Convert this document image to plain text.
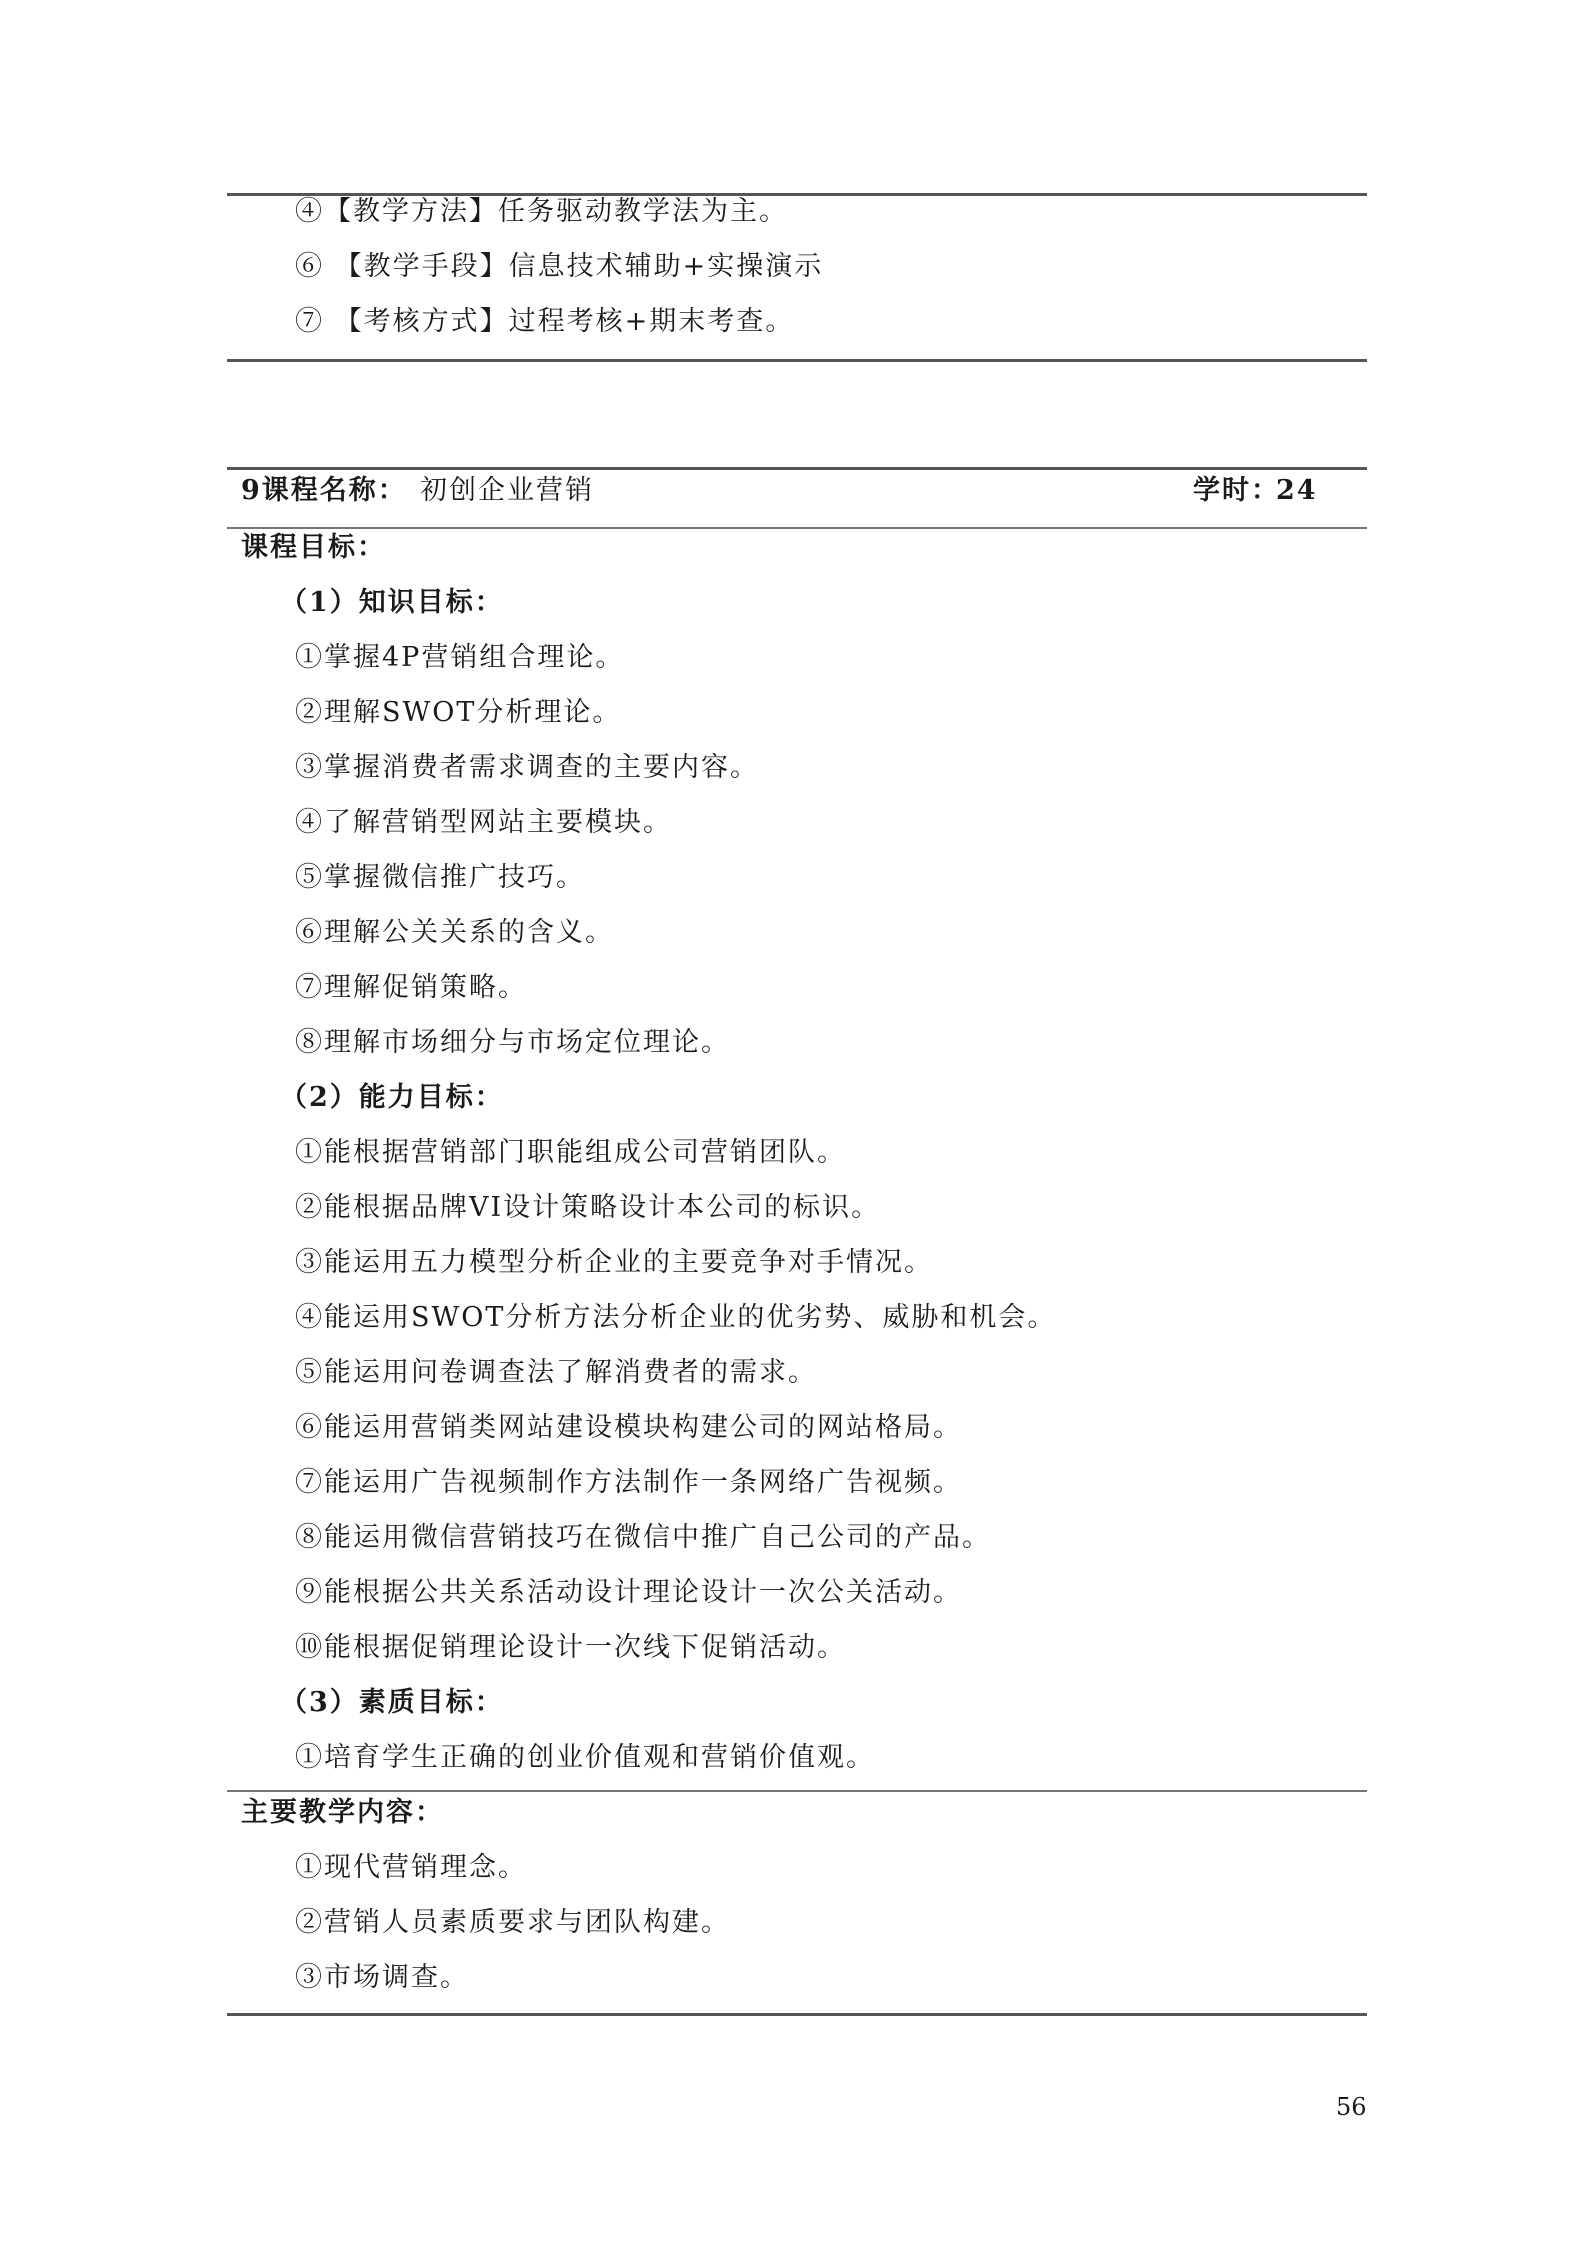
④【教学方法】任务驱动教学法为主。
⑥ 【教学手段】信息技术辅助+实操演示
⑦ 【考核方式】过程考核+期末考查。
9课程名称： 初创企业营销	学时：
24
课程目标：
（1）知识目标：
①掌握4P营销组合理论。
②理解SWOT分析理论。
③掌握消费者需求调查的主要内容。
④了解营销型网站主要模块。
⑤掌握微信推广技巧。
⑥理解公关关系的含义。
⑦理解促销策略。
⑧理解市场细分与市场定位理论。
（2）能力目标：
①能根据营销部门职能组成公司营销团队。
②能根据品牌VI设计策略设计本公司的标识。
③能运用五力模型分析企业的主要竞争对手情况。
④能运用SWOT分析方法分析企业的优劣势、威胁和机会。
⑤能运用问卷调查法了解消费者的需求。
⑥能运用营销类网站建设模块构建公司的网站格局。
⑦能运用广告视频制作方法制作一条网络广告视频。
⑧能运用微信营销技巧在微信中推广自己公司的产品。
⑨能根据公共关系活动设计理论设计一次公关活动。
⑩能根据促销理论设计一次线下促销活动。
（3）素质目标：
①培育学生正确的创业价值观和营销价值观。
主要教学内容：
①现代营销理念。
②营销人员素质要求与团队构建。
③市场调查。
56
